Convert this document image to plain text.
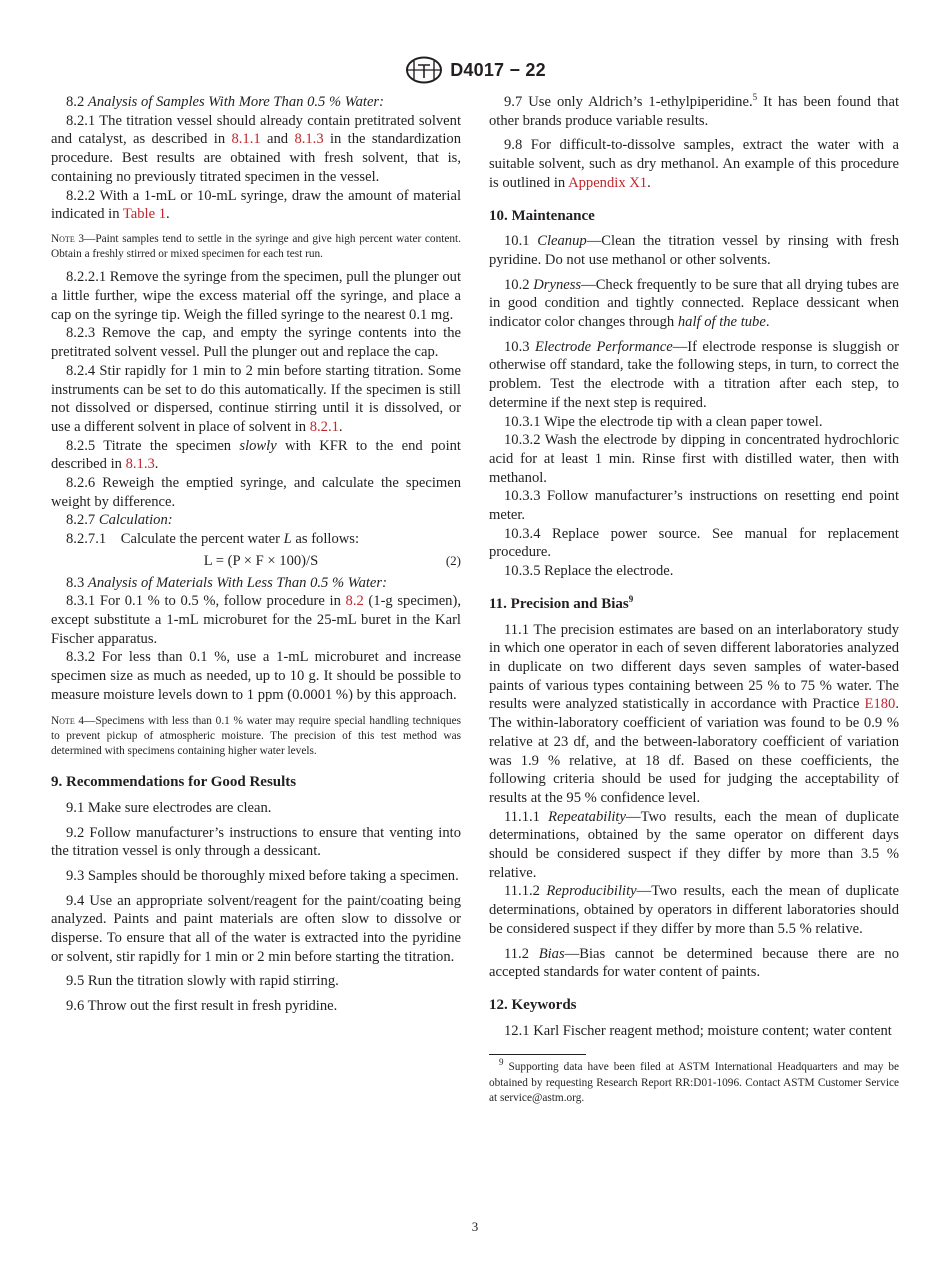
D4017 − 22

8.2 Analysis of Samples With More Than 0.5 % Water:

8.2.1 The titration vessel should already contain pretitrated solvent and catalyst, as described in 8.1.1 and 8.1.3 in the standardization procedure. Best results are obtained with fresh solvent, that is, containing no previously titrated specimen in the vessel.

8.2.2 With a 1-mL or 10-mL syringe, draw the amount of material indicated in Table 1.

Note 3—Paint samples tend to settle in the syringe and give high percent water content. Obtain a freshly stirred or mixed specimen for each test run.

8.2.2.1 Remove the syringe from the specimen, pull the plunger out a little further, wipe the excess material off the syringe, and place a cap on the syringe tip. Weigh the filled syringe to the nearest 0.1 mg.

8.2.3 Remove the cap, and empty the syringe contents into the pretitrated solvent vessel. Pull the plunger out and replace the cap.

8.2.4 Stir rapidly for 1 min to 2 min before starting titration. Some instruments can be set to do this automatically. If the specimen is still not dissolved or dispersed, continue stirring until it is dissolved, or use a different solvent in place of solvent in 8.2.1.

8.2.5 Titrate the specimen slowly with KFR to the end point described in 8.1.3.

8.2.6 Reweigh the emptied syringe, and calculate the specimen weight by difference.

8.2.7 Calculation:

8.2.7.1    Calculate the percent water L as follows:

L = (P × F × 100)/S	(2)

8.3 Analysis of Materials With Less Than 0.5 % Water:

8.3.1 For 0.1 % to 0.5 %, follow procedure in 8.2 (1-g specimen), except substitute a 1-mL microburet for the 25-mL buret in the Karl Fischer apparatus.

8.3.2 For less than 0.1 %, use a 1-mL microburet and increase specimen size as much as needed, up to 10 g. It should be possible to measure moisture levels down to 1 ppm (0.0001 %) by this approach.

Note 4—Specimens with less than 0.1 % water may require special handling techniques to prevent pickup of atmospheric moisture. The precision of this test method was determined with specimens containing higher water levels.

9. Recommendations for Good Results

9.1 Make sure electrodes are clean.

9.2 Follow manufacturer’s instructions to ensure that venting into the titration vessel is only through a dessicant.

9.3 Samples should be thoroughly mixed before taking a specimen.

9.4 Use an appropriate solvent/reagent for the paint/coating being analyzed. Paints and paint materials are often slow to dissolve or disperse. To ensure that all of the water is extracted into the pyridine or solvent, stir rapidly for 1 min or 2 min before starting the titration.

9.5 Run the titration slowly with rapid stirring.

9.6 Throw out the first result in fresh pyridine.

9.7 Use only Aldrich’s 1-ethylpiperidine.$^5$ It has been found that other brands produce variable results.

9.8 For difficult-to-dissolve samples, extract the water with a suitable solvent, such as dry methanol. An example of this procedure is outlined in Appendix X1.

10. Maintenance

10.1 Cleanup—Clean the titration vessel by rinsing with fresh pyridine. Do not use methanol or other solvents.

10.2 Dryness—Check frequently to be sure that all drying tubes are in good condition and tightly connected. Replace dessicant when indicator color changes through half of the tube.

10.3 Electrode Performance—If electrode response is sluggish or otherwise off standard, take the following steps, in turn, to correct the problem. Test the electrode with a titration after each step, to determine if the next step is required.

10.3.1 Wipe the electrode tip with a clean paper towel.

10.3.2 Wash the electrode by dipping in concentrated hydrochloric acid for at least 1 min. Rinse first with distilled water, then with methanol.

10.3.3 Follow manufacturer’s instructions on resetting end point meter.

10.3.4 Replace power source. See manual for replacement procedure.

10.3.5 Replace the electrode.

11. Precision and Bias$^9$

11.1 The precision estimates are based on an interlaboratory study in which one operator in each of seven different laboratories analyzed in duplicate on two different days seven samples of water-based paints of various types containing between 25 % to 75 % water. The results were analyzed statistically in accordance with Practice E180. The within-laboratory coefficient of variation was found to be 0.9 % relative at 23 df, and the between-laboratory coefficient of variation was 1.9 % relative, at 18 df. Based on these coefficients, the following criteria should be used for judging the acceptability of results at the 95 % confidence level.

11.1.1 Repeatability—Two results, each the mean of duplicate determinations, obtained by the same operator on different days should be considered suspect if they differ by more than 3.5 % relative.

11.1.2 Reproducibility—Two results, each the mean of duplicate determinations, obtained by operators in different laboratories should be considered suspect if they differ by more than 5.5 % relative.

11.2 Bias—Bias cannot be determined because there are no accepted standards for water content of paints.

12. Keywords

12.1 Karl Fischer reagent method; moisture content; water content

$^9$ Supporting data have been filed at ASTM International Headquarters and may be obtained by requesting Research Report RR:D01-1096. Contact ASTM Customer Service at service@astm.org.

3
